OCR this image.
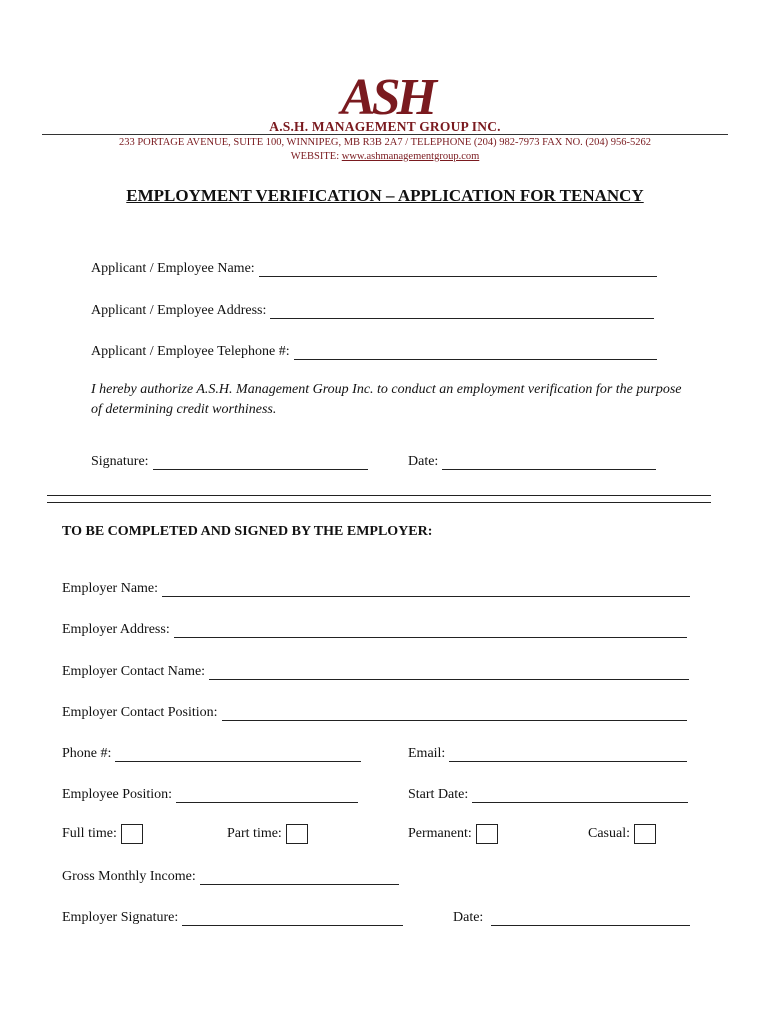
ASH
A.S.H. MANAGEMENT GROUP INC.
233 PORTAGE AVENUE, SUITE 100, WINNIPEG, MB R3B 2A7 / TELEPHONE (204) 982-7973 FAX NO. (204) 956-5262
WEBSITE: www.ashmanagementgroup.com
EMPLOYMENT VERIFICATION – APPLICATION FOR TENANCY
Applicant / Employee Name:
Applicant / Employee Address:
Applicant / Employee Telephone #:
I hereby authorize A.S.H. Management Group Inc. to conduct an employment verification for the purpose of determining credit worthiness.
Signature:	Date:
TO BE COMPLETED AND SIGNED BY THE EMPLOYER:
Employer Name:
Employer Address:
Employer Contact Name:
Employer Contact Position:
Phone #:	Email:
Employee Position:	Start Date:
Full time:	Part time:	Permanent:	Casual:
Gross Monthly Income:
Employer Signature:	Date:
